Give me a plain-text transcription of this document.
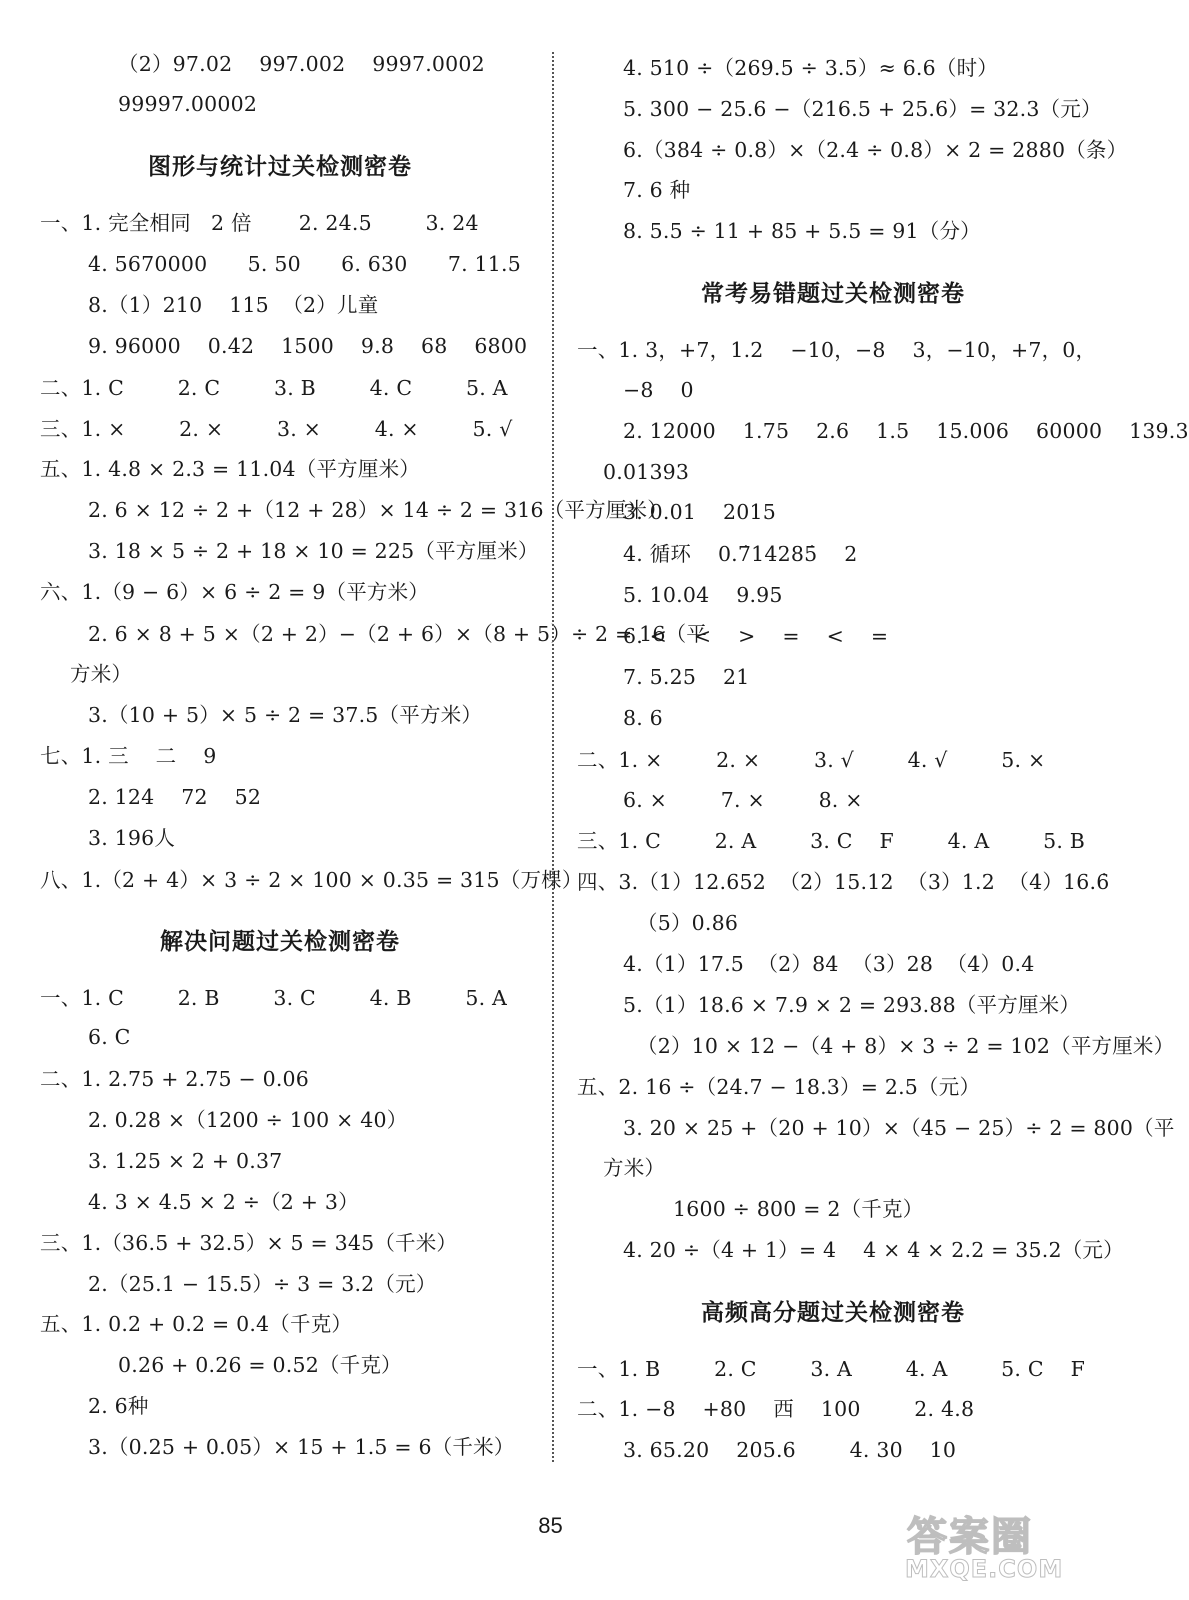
（2）97.02    997.002    9997.0002
99997.00002
图形与统计过关检测密卷
一、1. 完全相同   2 倍       2. 24.5        3. 24
4. 5670000      5. 50      6. 630      7. 11.5
8.（1）210    115  （2）儿童
9. 96000    0.42    1500    9.8    68    6800
二、1. C        2. C        3. B        4. C        5. A
三、1. ×        2. ×        3. ×        4. ×        5. √
五、1. 4.8 × 2.3 = 11.04（平方厘米）
2. 6 × 12 ÷ 2 +（12 + 28）× 14 ÷ 2 = 316（平方厘米）
3. 18 × 5 ÷ 2 + 18 × 10 = 225（平方厘米）
六、1.（9 − 6）× 6 ÷ 2 = 9（平方米）
2. 6 × 8 + 5 ×（2 + 2）−（2 + 6）×（8 + 5）÷ 2 = 16（平
方米）
3.（10 + 5）× 5 ÷ 2 = 37.5（平方米）
七、1. 三    二    9
2. 124    72    52
3. 196人
八、1.（2 + 4）× 3 ÷ 2 × 100 × 0.35 = 315（万棵）
解决问题过关检测密卷
一、1. C        2. B        3. C        4. B        5. A
6. C
二、1. 2.75 + 2.75 − 0.06
2. 0.28 ×（1200 ÷ 100 × 40）
3. 1.25 × 2 + 0.37
4. 3 × 4.5 × 2 ÷（2 + 3）
三、1.（36.5 + 32.5）× 5 = 345（千米）
2.（25.1 − 15.5）÷ 3 = 3.2（元）
五、1. 0.2 + 0.2 = 0.4（千克）
0.26 + 0.26 = 0.52（千克）
2. 6种
3.（0.25 + 0.05）× 15 + 1.5 = 6（千米）
4. 510 ÷（269.5 ÷ 3.5）≈ 6.6（时）
5. 300 − 25.6 −（216.5 + 25.6）= 32.3（元）
6.（384 ÷ 0.8）×（2.4 ÷ 0.8）× 2 = 2880（条）
7. 6 种
8. 5.5 ÷ 11 + 85 + 5.5 = 91（分）
常考易错题过关检测密卷
一、1. 3，+7，1.2    −10，−8    3，−10，+7，0，
−8    0
2. 12000    1.75    2.6    1.5    15.006    60000    139.3
0.01393
3. 0.01    2015
4. 循环    0.7̇14285̇    2
5. 10.04    9.95
6. <    <    >    =    <    =
7. 5.25    21
8. 6
二、1. ×        2. ×        3. √        4. √        5. ×
6. ×        7. ×        8. ×
三、1. C        2. A        3. C    F        4. A        5. B
四、3.（1）12.652  （2）15.12  （3）1.2  （4）16.6̇
（5）0.86
4.（1）17.5  （2）84  （3）28  （4）0.4
5.（1）18.6 × 7.9 × 2 = 293.88（平方厘米）
（2）10 × 12 −（4 + 8）× 3 ÷ 2 = 102（平方厘米）
五、2. 16 ÷（24.7 − 18.3）= 2.5（元）
3. 20 × 25 +（20 + 10）×（45 − 25）÷ 2 = 800（平
方米）
1600 ÷ 800 = 2（千克）
4. 20 ÷（4 + 1）= 4    4 × 4 × 2.2 = 35.2（元）
高频高分题过关检测密卷
一、1. B        2. C        3. A        4. A        5. C    F
二、1. −8    +80    西    100        2. 4.8
3. 65.20    205.6        4. 30    10
85	答案圈
MXQE.COM
